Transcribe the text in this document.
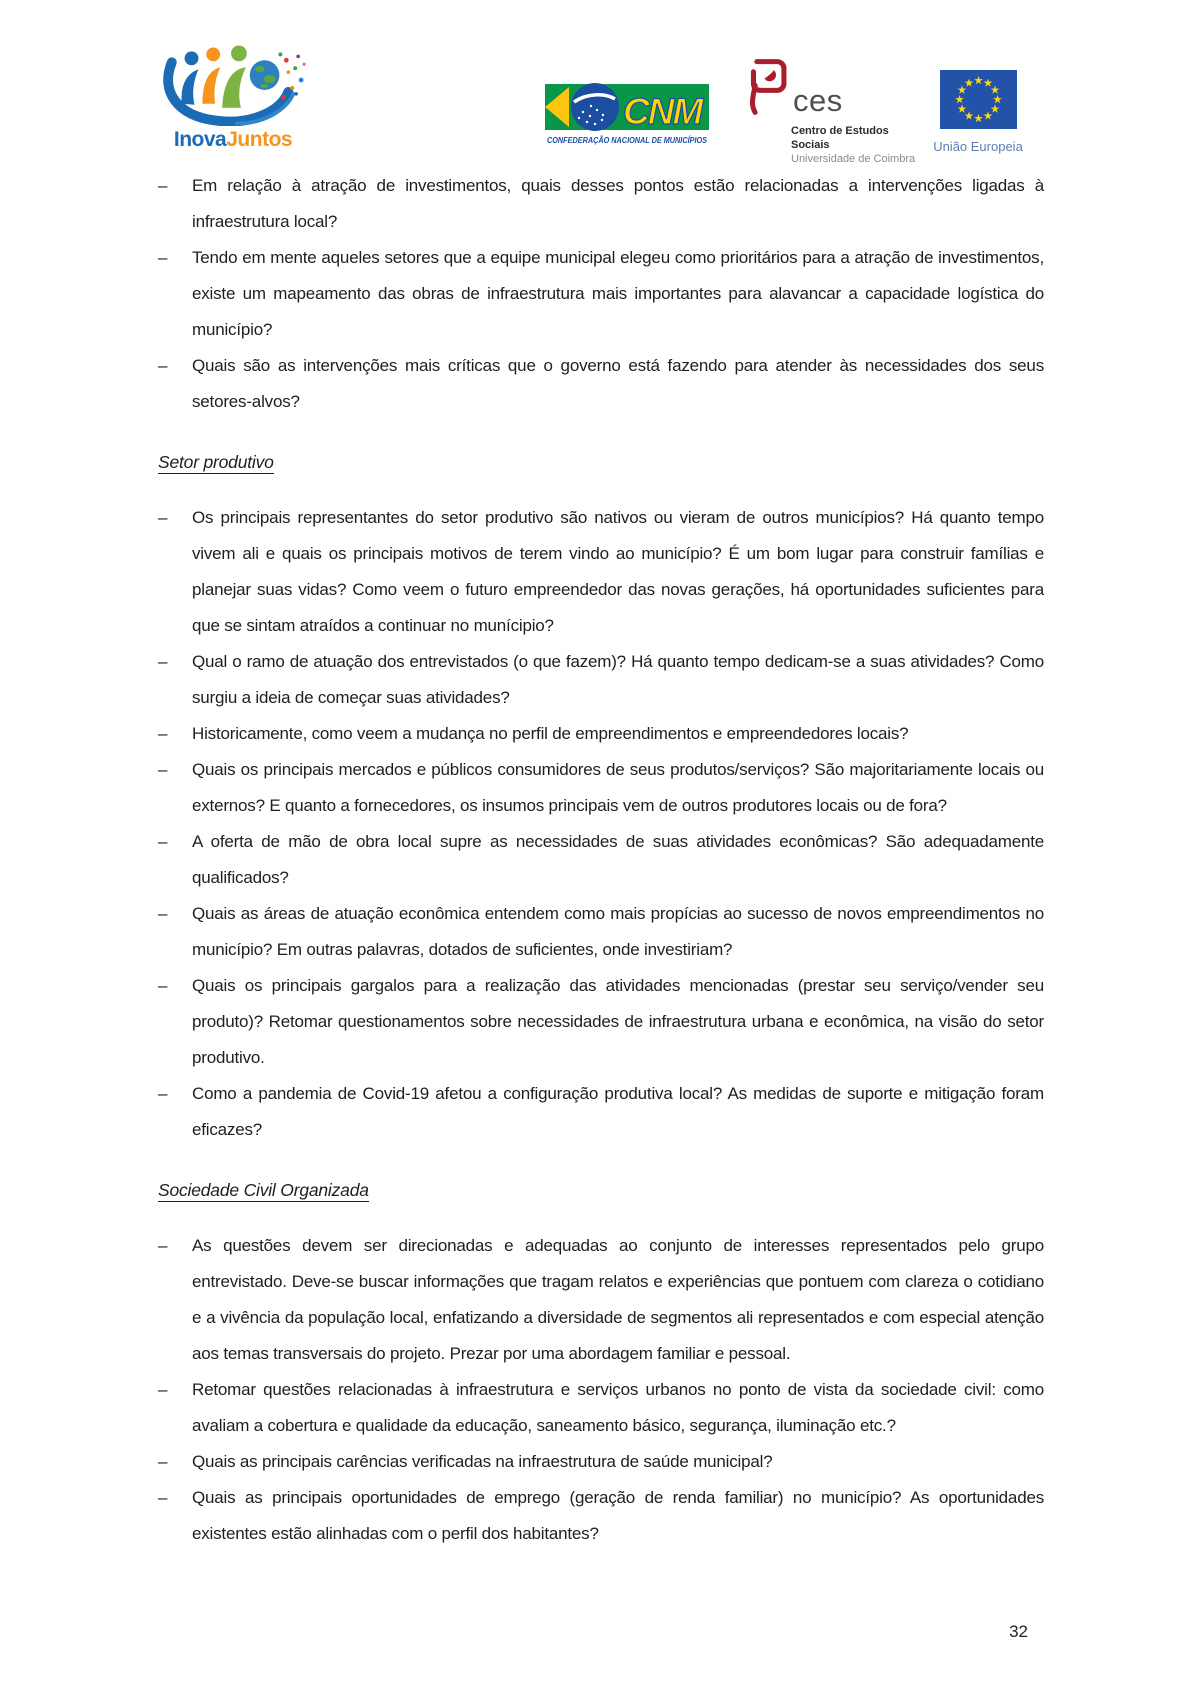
InovaJuntos
CNM
CONFEDERAÇÃO NACIONAL DE MUNICÍPIOS
ces
Centro de Estudos Sociais
Universidade de Coimbra
União Europeia
– Em relação à atração de investimentos, quais desses pontos estão relacionadas a intervenções ligadas à infraestrutura local?
– Tendo em mente aqueles setores que a equipe municipal elegeu como prioritários para a atração de investimentos, existe um mapeamento das obras de infraestrutura mais importantes para alavancar a capacidade logística do município?
– Quais são as intervenções mais críticas que o governo está fazendo para atender às necessidades dos seus setores-alvos?
Setor produtivo
– Os principais representantes do setor produtivo são nativos ou vieram de outros municípios? Há quanto tempo vivem ali e quais os principais motivos de terem vindo ao município? É um bom lugar para construir famílias e planejar suas vidas? Como veem o futuro empreendedor das novas gerações, há oportunidades suficientes para que se sintam atraídos a continuar no munícipio?
– Qual o ramo de atuação dos entrevistados (o que fazem)? Há quanto tempo dedicam-se a suas atividades? Como surgiu a ideia de começar suas atividades?
– Historicamente, como veem a mudança no perfil de empreendimentos e empreendedores locais?
– Quais os principais mercados e públicos consumidores de seus produtos/serviços? São majoritariamente locais ou externos? E quanto a fornecedores, os insumos principais vem de outros produtores locais ou de fora?
– A oferta de mão de obra local supre as necessidades de suas atividades econômicas? São adequadamente qualificados?
– Quais as áreas de atuação econômica entendem como mais propícias ao sucesso de novos empreendimentos no município? Em outras palavras, dotados de suficientes, onde investiriam?
– Quais os principais gargalos para a realização das atividades mencionadas (prestar seu serviço/vender seu produto)? Retomar questionamentos sobre necessidades de infraestrutura urbana e econômica, na visão do setor produtivo.
– Como a pandemia de Covid-19 afetou a configuração produtiva local? As medidas de suporte e mitigação foram eficazes?
Sociedade Civil Organizada
– As questões devem ser direcionadas e adequadas ao conjunto de interesses representados pelo grupo entrevistado. Deve-se buscar informações que tragam relatos e experiências que pontuem com clareza o cotidiano e a vivência da população local, enfatizando a diversidade de segmentos ali representados e com especial atenção aos temas transversais do projeto. Prezar por uma abordagem familiar e pessoal.
– Retomar questões relacionadas à infraestrutura e serviços urbanos no ponto de vista da sociedade civil: como avaliam a cobertura e qualidade da educação, saneamento básico, segurança, iluminação etc.?
– Quais as principais carências verificadas na infraestrutura de saúde municipal?
– Quais as principais oportunidades de emprego (geração de renda familiar) no município? As oportunidades existentes estão alinhadas com o perfil dos habitantes?
32
